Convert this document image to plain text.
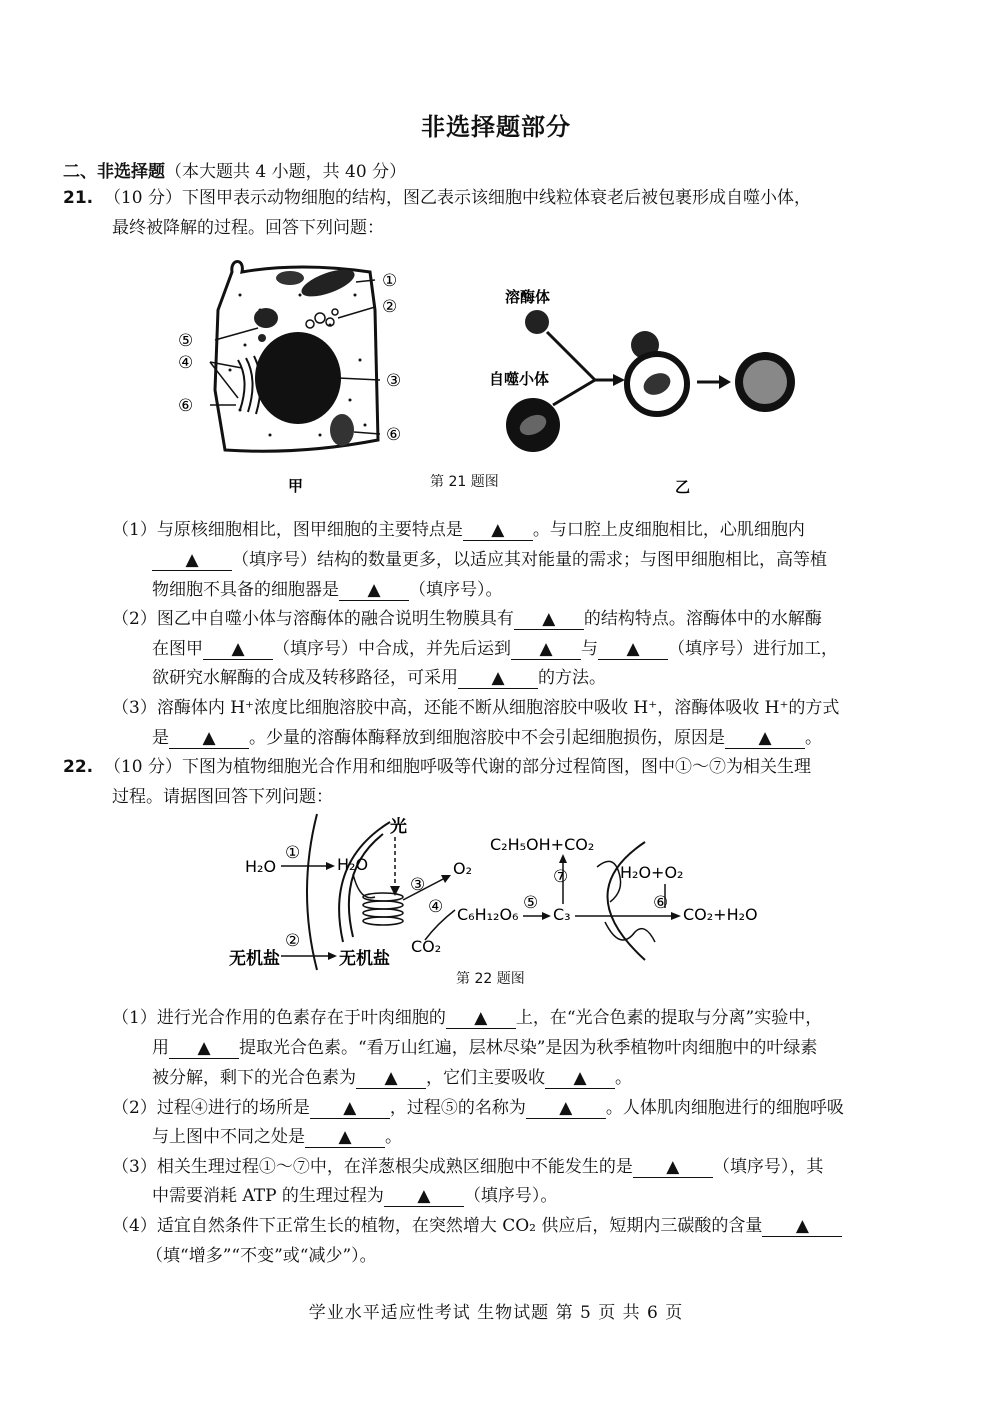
非选择题部分
二、非选择题（本大题共 4 小题，共 40 分）
21. （10 分）下图甲表示动物细胞的结构，图乙表示该细胞中线粒体衰老后被包裹形成自噬小体，
最终被降解的过程。回答下列问题：
①
②
⑤
④
③
⑥
⑥
甲
溶酶体
自噬小体
乙
第 21 题图
（1）与原核细胞相比，图甲细胞的主要特点是 ▲ 。与口腔上皮细胞相比，心肌细胞内
▲ （填序号）结构的数量更多，以适应其对能量的需求；与图甲细胞相比，高等植
物细胞不具备的细胞器是 ▲ （填序号）。
（2）图乙中自噬小体与溶酶体的融合说明生物膜具有 ▲ 的结构特点。溶酶体中的水解酶
在图甲 ▲ （填序号）中合成，并先后运到 ▲ 与 ▲ （填序号）进行加工，
欲研究水解酶的合成及转移路径，可采用 ▲ 的方法。
（3）溶酶体内 H⁺浓度比细胞溶胶中高，还能不断从细胞溶胶中吸收 H⁺，溶酶体吸收 H⁺的方式
是 ▲ 。少量的溶酶体酶释放到细胞溶胶中不会引起细胞损伤，原因是 ▲ 。
22. （10 分）下图为植物细胞光合作用和细胞呼吸等代谢的部分过程简图，图中①～⑦为相关生理
过程。请据图回答下列问题：
光
H₂O
①
H₂O
③
O₂
④
CO₂
C₆H₁₂O₆
⑤
C₃
C₂H₅OH+CO₂
⑦	H₂O+O₂
⑥
CO₂+H₂O
无机盐
②
无机盐
第 22 题图
（1）进行光合作用的色素存在于叶肉细胞的 ▲ 上，在“光合色素的提取与分离”实验中，
用 ▲ 提取光合色素。“看万山红遍，层林尽染”是因为秋季植物叶肉细胞中的叶绿素
被分解，剩下的光合色素为 ▲ ，它们主要吸收 ▲ 。
（2）过程④进行的场所是 ▲ ，过程⑤的名称为 ▲ 。人体肌肉细胞进行的细胞呼吸
与上图中不同之处是 ▲ 。
（3）相关生理过程①～⑦中，在洋葱根尖成熟区细胞中不能发生的是 ▲ （填序号），其
中需要消耗 ATP 的生理过程为 ▲ （填序号）。
（4）适宜自然条件下正常生长的植物，在突然增大 CO₂ 供应后，短期内三碳酸的含量 ▲
（填“增多”“不变”或“减少”）。
学业水平适应性考试 生物试题 第 5 页 共 6 页
